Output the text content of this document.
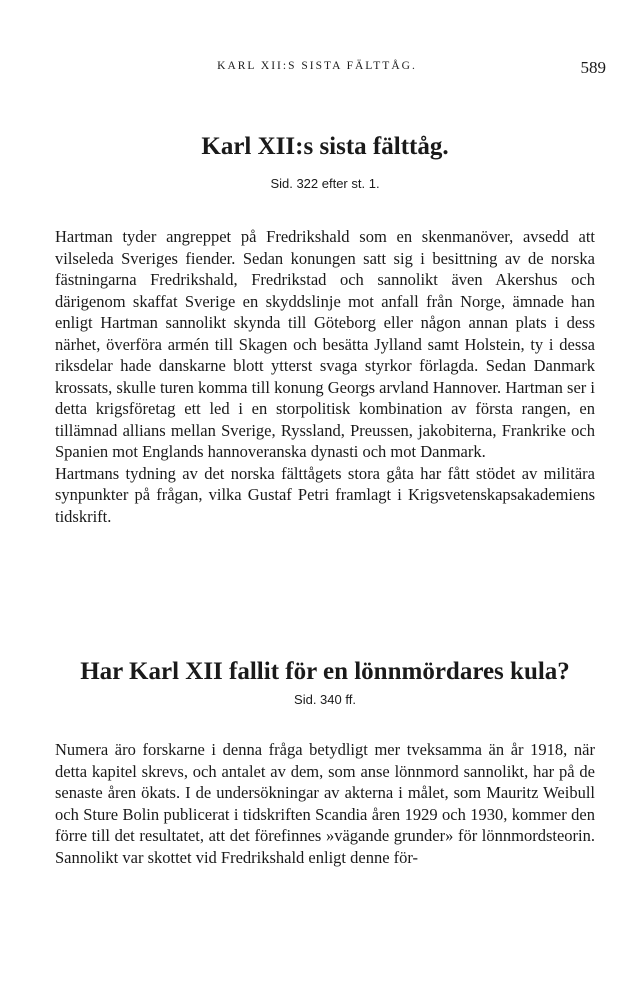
KARL XII:S SISTA FÄLTTÅG.	589
Karl XII:s sista fälttåg.
Sid. 322 efter st. 1.

Hartman tyder angreppet på Fredrikshald som en skenmanöver, avsedd att vilseleda Sveriges fiender. Sedan konungen satt sig i besittning av de norska fästningarna Fredrikshald, Fredrikstad och sannolikt även Akershus och därigenom skaffat Sverige en skyddslinje mot anfall från Norge, ämnade han enligt Hartman sannolikt skynda till Göteborg eller någon annan plats i dess närhet, överföra armén till Skagen och besätta Jylland samt Holstein, ty i dessa riksdelar hade danskarne blott ytterst svaga styrkor förlagda. Sedan Danmark krossats, skulle turen komma till konung Georgs arvland Hannover. Hartman ser i detta krigsföretag ett led i en storpolitisk kombination av första rangen, en tillämnad allians mellan Sverige, Ryssland, Preussen, jakobiterna, Frankrike och Spanien mot Englands hannoveranska dynasti och mot Danmark.

Hartmans tydning av det norska fälttågets stora gåta har fått stödet av militära synpunkter på frågan, vilka Gustaf Petri framlagt i Krigsvetenskapsakademiens tidskrift.

Har Karl XII fallit för en lönnmördares kula?
Sid. 340 ff.

Numera äro forskarne i denna fråga betydligt mer tveksamma än år 1918, när detta kapitel skrevs, och antalet av dem, som anse lönnmord sannolikt, har på de senaste åren ökats. I de undersökningar av akterna i målet, som Mauritz Weibull och Sture Bolin publicerat i tidskriften Scandia åren 1929 och 1930, kommer den förre till det resultatet, att det förefinnes »vägande grunder» för lönnmordsteorin. Sannolikt var skottet vid Fredrikshald enligt denne för-
